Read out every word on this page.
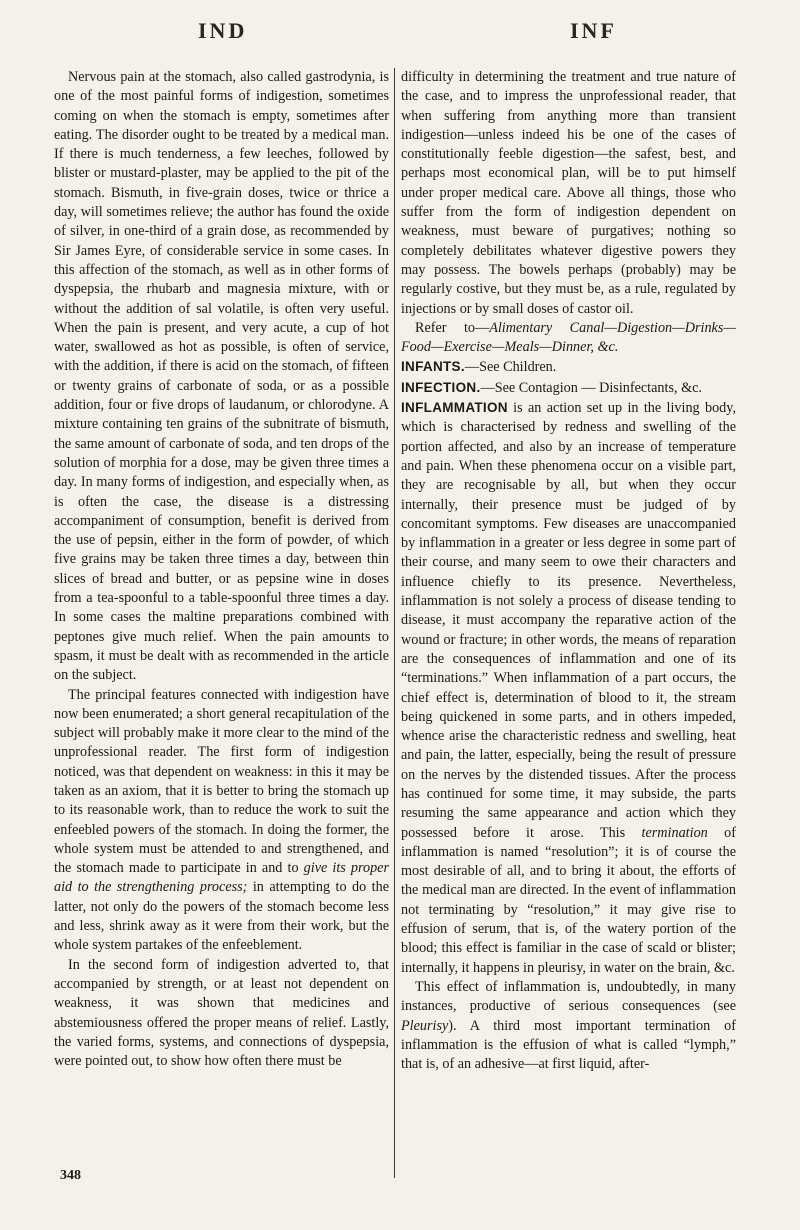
IND	INF

Nervous pain at the stomach, also called gastrodynia, is one of the most painful forms of indigestion, sometimes coming on when the stomach is empty, sometimes after eating. The disorder ought to be treated by a medical man. If there is much tenderness, a few leeches, followed by blister or mustard-plaster, may be applied to the pit of the stomach. Bismuth, in five-grain doses, twice or thrice a day, will sometimes relieve; the author has found the oxide of silver, in one-third of a grain dose, as recommended by Sir James Eyre, of considerable service in some cases. In this affection of the stomach, as well as in other forms of dyspepsia, the rhubarb and magnesia mixture, with or without the addition of sal volatile, is often very useful. When the pain is present, and very acute, a cup of hot water, swallowed as hot as possible, is often of service, with the addition, if there is acid on the stomach, of fifteen or twenty grains of carbonate of soda, or as a possible addition, four or five drops of laudanum, or chlorodyne. A mixture containing ten grains of the subnitrate of bismuth, the same amount of carbonate of soda, and ten drops of the solution of morphia for a dose, may be given three times a day. In many forms of indigestion, and especially when, as is often the case, the disease is a distressing accompaniment of consumption, benefit is derived from the use of pepsin, either in the form of powder, of which five grains may be taken three times a day, between thin slices of bread and butter, or as pepsine wine in doses from a tea-spoonful to a table-spoonful three times a day. In some cases the maltine preparations combined with peptones give much relief. When the pain amounts to spasm, it must be dealt with as recommended in the article on the subject.

The principal features connected with indigestion have now been enumerated; a short general recapitulation of the subject will probably make it more clear to the mind of the unprofessional reader. The first form of indigestion noticed, was that dependent on weakness: in this it may be taken as an axiom, that it is better to bring the stomach up to its reasonable work, than to reduce the work to suit the enfeebled powers of the stomach. In doing the former, the whole system must be attended to and strengthened, and the stomach made to participate in and to give its proper aid to the strengthening process; in attempting to do the latter, not only do the powers of the stomach become less and less, shrink away as it were from their work, but the whole system partakes of the enfeeblement.

In the second form of indigestion adverted to, that accompanied by strength, or at least not dependent on weakness, it was shown that medicines and abstemiousness offered the proper means of relief. Lastly, the varied forms, systems, and connections of dyspepsia, were pointed out, to show how often there must be

difficulty in determining the treatment and true nature of the case, and to impress the unprofessional reader, that when suffering from anything more than transient indigestion—unless indeed his be one of the cases of constitutionally feeble digestion—the safest, best, and perhaps most economical plan, will be to put himself under proper medical care. Above all things, those who suffer from the form of indigestion dependent on weakness, must beware of purgatives; nothing so completely debilitates whatever digestive powers they may possess. The bowels perhaps (probably) may be regularly costive, but they must be, as a rule, regulated by injections or by small doses of castor oil.

Refer to—Alimentary Canal—Digestion—Drinks—Food—Exercise—Meals—Dinner, &c.

INFANTS.—See Children.

INFECTION.—See Contagion — Disinfectants, &c.

INFLAMMATION is an action set up in the living body, which is characterised by redness and swelling of the portion affected, and also by an increase of temperature and pain. When these phenomena occur on a visible part, they are recognisable by all, but when they occur internally, their presence must be judged of by concomitant symptoms. Few diseases are unaccompanied by inflammation in a greater or less degree in some part of their course, and many seem to owe their characters and influence chiefly to its presence. Nevertheless, inflammation is not solely a process of disease tending to disease, it must accompany the reparative action of the wound or fracture; in other words, the means of reparation are the consequences of inflammation and one of its “terminations.” When inflammation of a part occurs, the chief effect is, determination of blood to it, the stream being quickened in some parts, and in others impeded, whence arise the characteristic redness and swelling, heat and pain, the latter, especially, being the result of pressure on the nerves by the distended tissues. After the process has continued for some time, it may subside, the parts resuming the same appearance and action which they possessed before it arose. This termination of inflammation is named “resolution”; it is of course the most desirable of all, and to bring it about, the efforts of the medical man are directed. In the event of inflammation not terminating by “resolution,” it may give rise to effusion of serum, that is, of the watery portion of the blood; this effect is familiar in the case of scald or blister; internally, it happens in pleurisy, in water on the brain, &c.

This effect of inflammation is, undoubtedly, in many instances, productive of serious consequences (see Pleurisy). A third most important termination of inflammation is the effusion of what is called “lymph,” that is, of an adhesive—at first liquid, after-

348
